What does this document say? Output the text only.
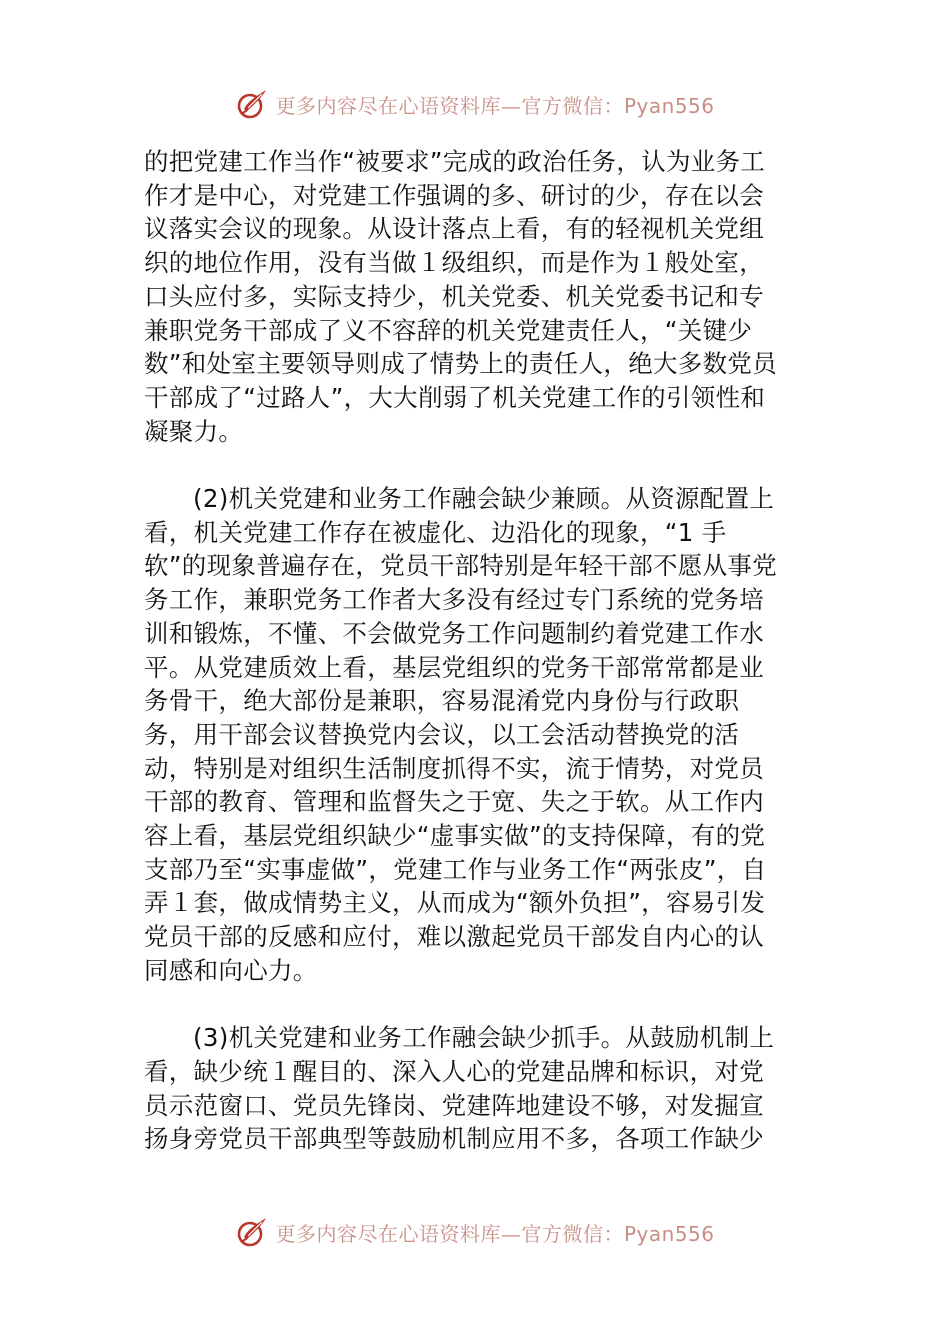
更多内容尽在心语资料库—官方微信：Pyan556

的把党建工作当作“被要求”完成的政治任务，认为业务工作才是中心，对党建工作强调的多、研讨的少，存在以会议落实会议的现象。从设计落点上看，有的轻视机关党组织的地位作用，没有当做１级组织，而是作为１般处室，口头应付多，实际支持少，机关党委、机关党委书记和专兼职党务干部成了义不容辞的机关党建责任人，“关键少数”和处室主要领导则成了情势上的责任人，绝大多数党员干部成了“过路人”，大大削弱了机关党建工作的引领性和凝聚力。

(2)机关党建和业务工作融会缺少兼顾。从资源配置上看，机关党建工作存在被虚化、边沿化的现象，“1 手软”的现象普遍存在，党员干部特别是年轻干部不愿从事党务工作，兼职党务工作者大多没有经过专门系统的党务培训和锻炼，不懂、不会做党务工作问题制约着党建工作水平。从党建质效上看，基层党组织的党务干部常常都是业务骨干，绝大部份是兼职，容易混淆党内身份与行政职务，用干部会议替换党内会议，以工会活动替换党的活动，特别是对组织生活制度抓得不实，流于情势，对党员干部的教育、管理和监督失之于宽、失之于软。从工作内容上看，基层党组织缺少“虚事实做”的支持保障，有的党支部乃至“实事虚做”，党建工作与业务工作“两张皮”，自弄１套，做成情势主义，从而成为“额外负担”，容易引发党员干部的反感和应付，难以激起党员干部发自内心的认同感和向心力。

(3)机关党建和业务工作融会缺少抓手。从鼓励机制上看，缺少统１醒目的、深入人心的党建品牌和标识，对党员示范窗口、党员先锋岗、党建阵地建设不够，对发掘宣扬身旁党员干部典型等鼓励机制应用不多，各项工作缺少

更多内容尽在心语资料库—官方微信：Pyan556
